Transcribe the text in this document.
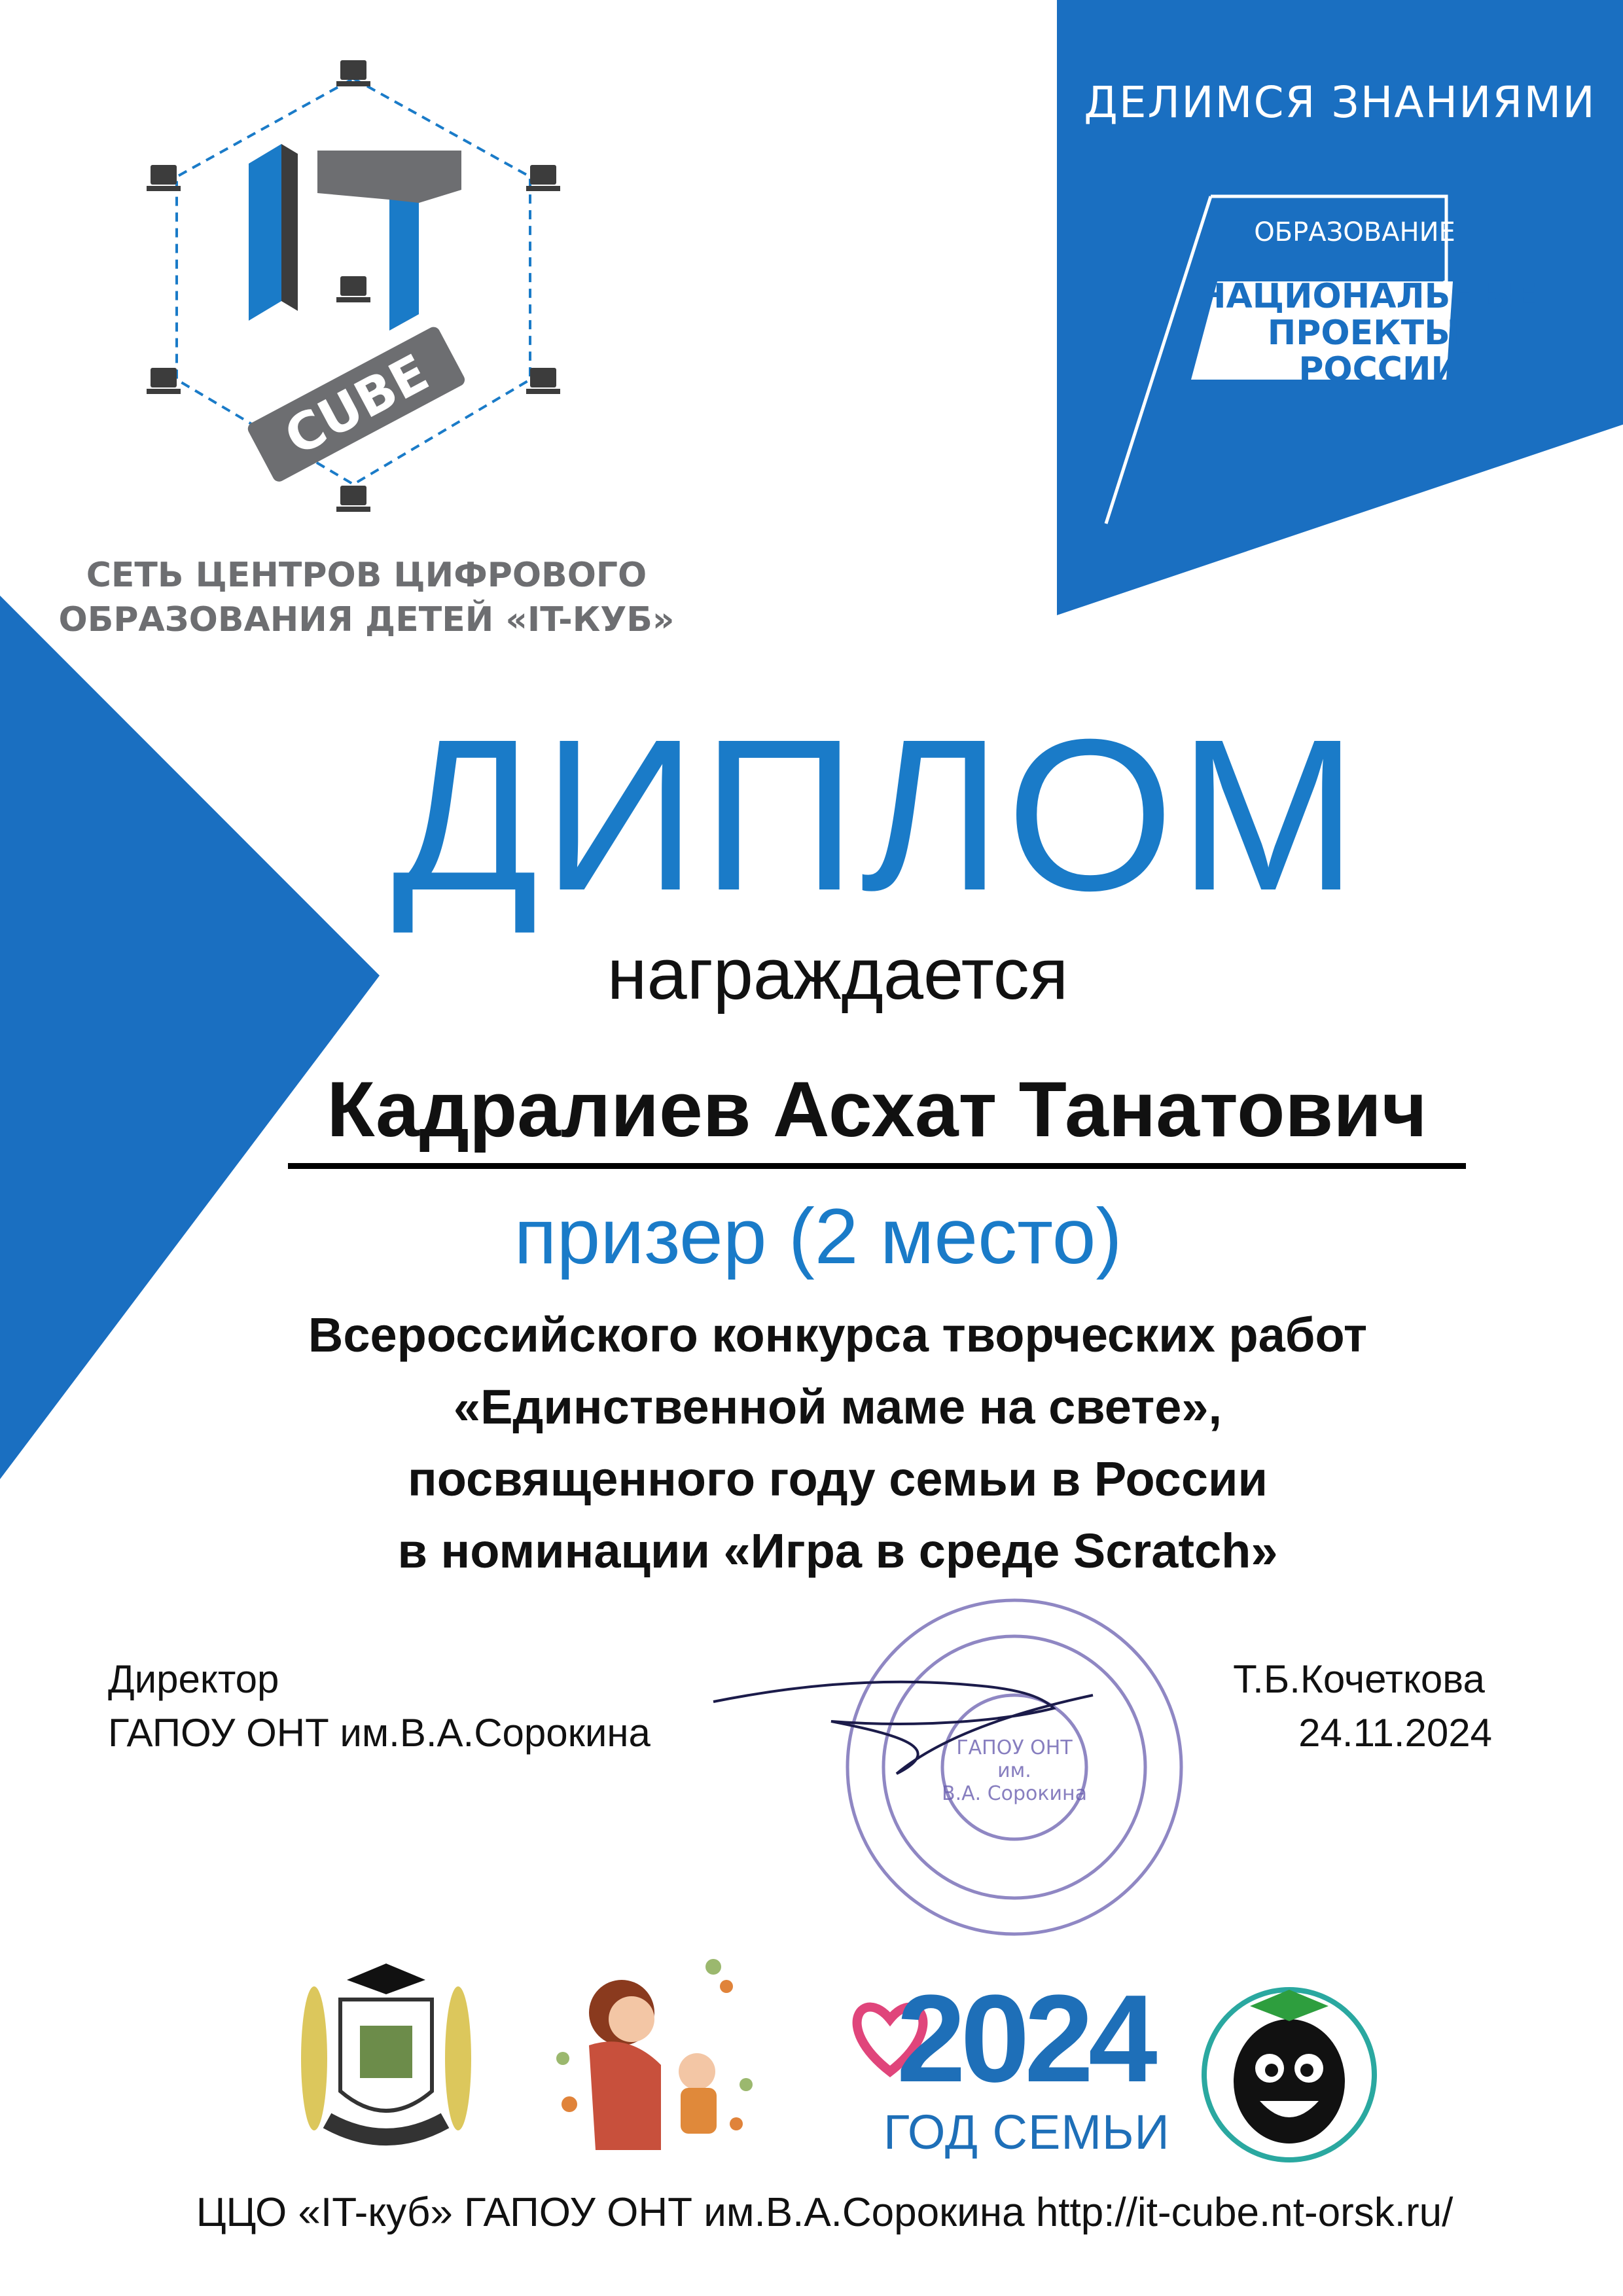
ДЕЛИМСЯ ЗНАНИЯМИ
ОБРАЗОВАНИЕ
НАЦИОНАЛЬНЫЕ
ПРОЕКТЫ
РОССИИ
CUBE
СЕТЬ ЦЕНТРОВ ЦИФРОВОГО
ОБРАЗОВАНИЯ ДЕТЕЙ «IT-КУБ»
ДИПЛОМ
награждается
Кадралиев Асхат Танатович
призер (2 место)
Всероссийского конкурса творческих работ
«Единственной маме на свете»,
посвященного году семьи в России
в номинации «Игра в среде Scratch»
ГАПОУ ОНТ
им.
В.А. Сорокина
Директор
ГАПОУ ОНТ им.В.А.Сорокина
Т.Б.Кочеткова
24.11.2024
2024
ГОД СЕМЬИ
ЦЦО «IT-куб» ГАПОУ ОНТ им.В.А.Сорокина http://it-cube.nt-orsk.ru/
